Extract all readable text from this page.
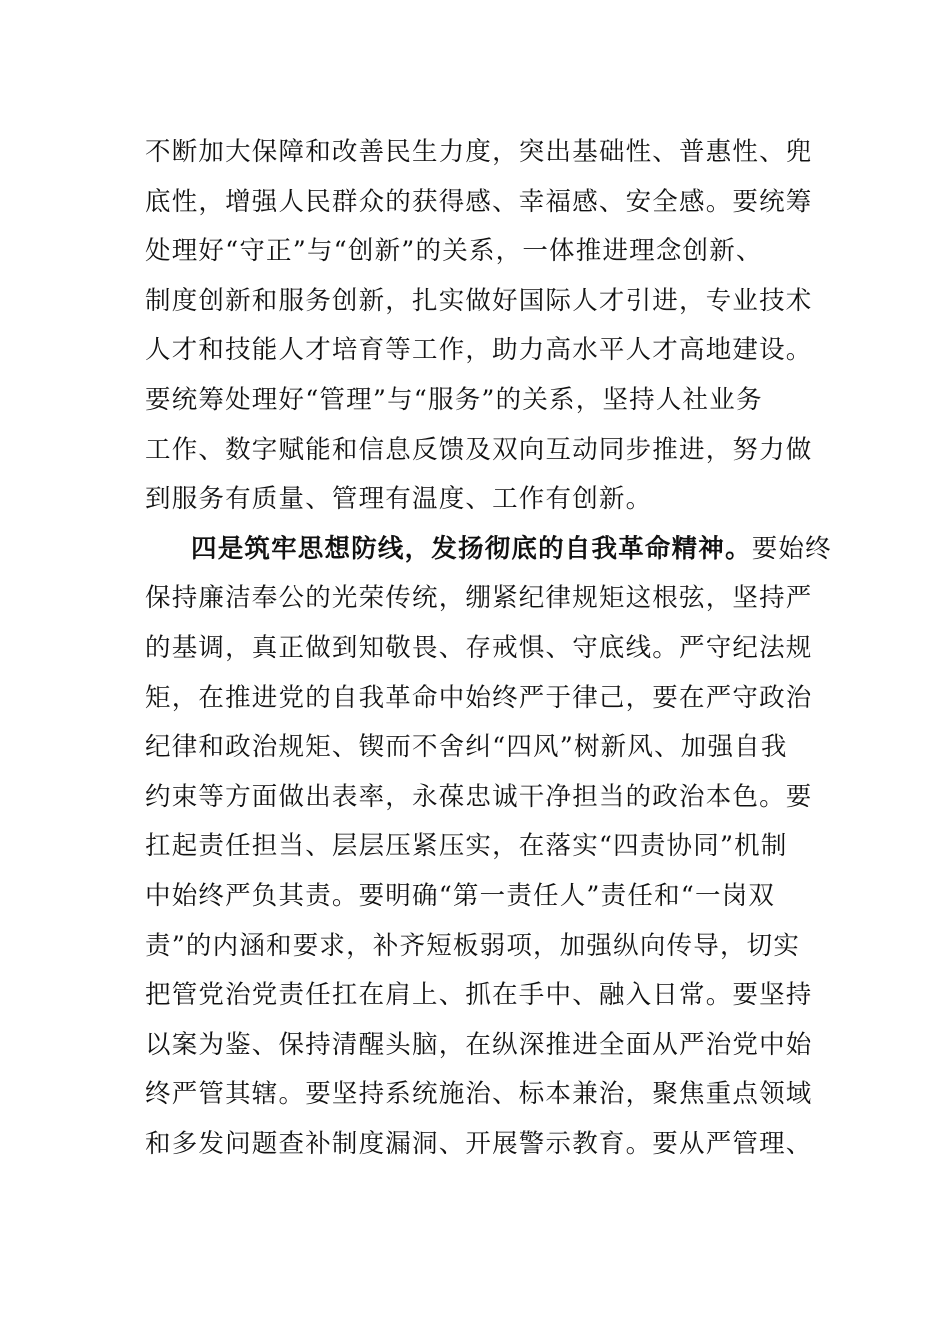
不断加大保障和改善民生力度，突出基础性、普惠性、兜
底性，增强人民群众的获得感、幸福感、安全感。要统筹
处理好“守正”与“创新”的关系，一体推进理念创新、
制度创新和服务创新，扎实做好国际人才引进，专业技术
人才和技能人才培育等工作，助力高水平人才高地建设。
要统筹处理好“管理”与“服务”的关系，坚持人社业务
工作、数字赋能和信息反馈及双向互动同步推进，努力做
到服务有质量、管理有温度、工作有创新。
四是筑牢思想防线，发扬彻底的自我革命精神。要始终
保持廉洁奉公的光荣传统，绷紧纪律规矩这根弦，坚持严
的基调，真正做到知敬畏、存戒惧、守底线。严守纪法规
矩，在推进党的自我革命中始终严于律己，要在严守政治
纪律和政治规矩、锲而不舍纠“四风”树新风、加强自我
约束等方面做出表率，永葆忠诚干净担当的政治本色。要
扛起责任担当、层层压紧压实，在落实“四责协同”机制
中始终严负其责。要明确“第一责任人”责任和“一岗双
责”的内涵和要求，补齐短板弱项，加强纵向传导，切实
把管党治党责任扛在肩上、抓在手中、融入日常。要坚持
以案为鉴、保持清醒头脑，在纵深推进全面从严治党中始
终严管其辖。要坚持系统施治、标本兼治，聚焦重点领域
和多发问题查补制度漏洞、开展警示教育。要从严管理、
